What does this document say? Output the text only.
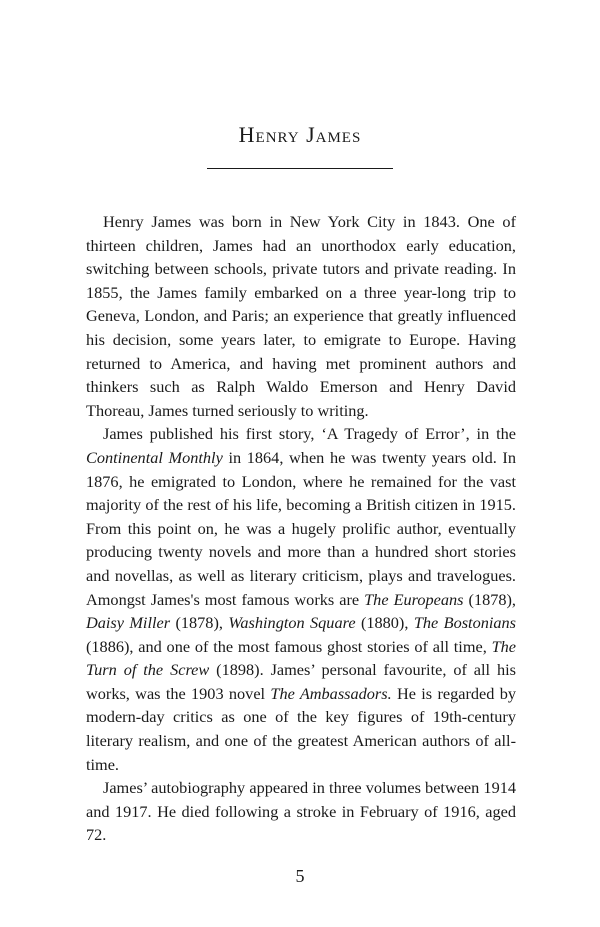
Henry James

Henry James was born in New York City in 1843. One of thirteen children, James had an unorthodox early education, switching between schools, private tutors and private reading. In 1855, the James family embarked on a three year-long trip to Geneva, London, and Paris; an experience that greatly influenced his decision, some years later, to emigrate to Europe. Having returned to America, and having met prominent authors and thinkers such as Ralph Waldo Emerson and Henry David Thoreau, James turned seriously to writing.

James published his first story, ‘A Tragedy of Error’, in the Continental Monthly in 1864, when he was twenty years old. In 1876, he emigrated to London, where he remained for the vast majority of the rest of his life, becoming a British citizen in 1915. From this point on, he was a hugely prolific author, eventually producing twenty novels and more than a hundred short stories and novellas, as well as literary criticism, plays and travelogues. Amongst James's most famous works are The Europeans (1878), Daisy Miller (1878), Washington Square (1880), The Bostonians (1886), and one of the most famous ghost stories of all time, The Turn of the Screw (1898). James’ personal favourite, of all his works, was the 1903 novel The Ambassadors. He is regarded by modern-day critics as one of the key figures of 19th-century literary realism, and one of the greatest American authors of all-time.

James’ autobiography appeared in three volumes between 1914 and 1917. He died following a stroke in February of 1916, aged 72.

5
